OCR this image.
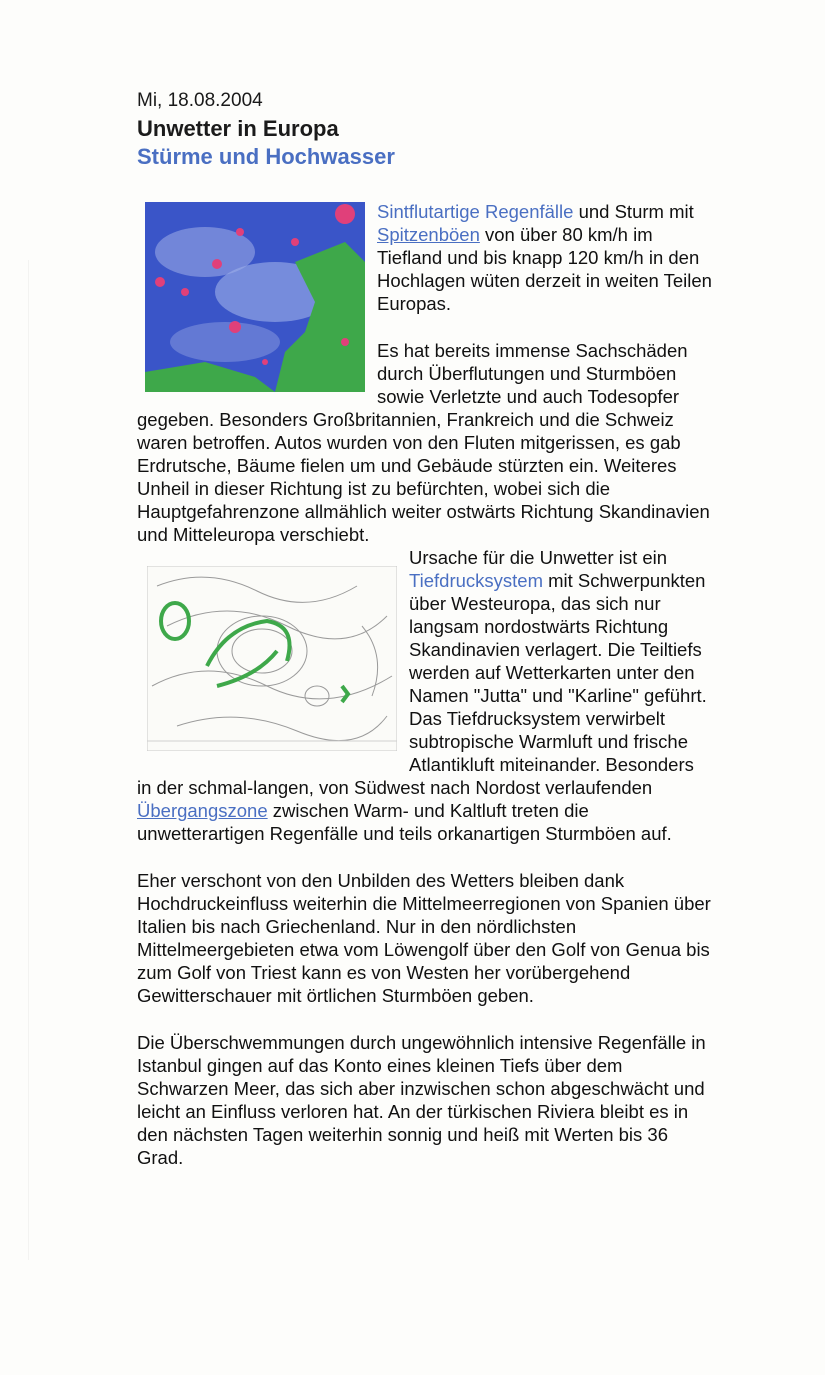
Mi, 18.08.2004
Unwetter in Europa
Stürme und Hochwasser

Sintflutartige Regenfälle und Sturm mit Spitzenböen von über 80 km/h im Tiefland und bis knapp 120 km/h in den Hochlagen wüten derzeit in weiten Teilen Europas.

Es hat bereits immense Sachschäden durch Überflutungen und Sturmböen sowie Verletzte und auch Todesopfer gegeben. Besonders Großbritannien, Frankreich und die Schweiz waren betroffen. Autos wurden von den Fluten mitgerissen, es gab Erdrutsche, Bäume fielen um und Gebäude stürzten ein. Weiteres Unheil in dieser Richtung ist zu befürchten, wobei sich die Hauptgefahrenzone allmählich weiter ostwärts Richtung Skandinavien und Mitteleuropa verschiebt.

Ursache für die Unwetter ist ein Tiefdrucksystem mit Schwerpunkten über Westeuropa, das sich nur langsam nordostwärts Richtung Skandinavien verlagert. Die Teiltiefs werden auf Wetterkarten unter den Namen "Jutta" und "Karline" geführt. Das Tiefdrucksystem verwirbelt subtropische Warmluft und frische Atlantikluft miteinander. Besonders in der schmal-langen, von Südwest nach Nordost verlaufenden Übergangszone zwischen Warm- und Kaltluft treten die unwetterartigen Regenfälle und teils orkanartigen Sturmböen auf.

Eher verschont von den Unbilden des Wetters bleiben dank Hochdruckeinfluss weiterhin die Mittelmeerregionen von Spanien über Italien bis nach Griechenland. Nur in den nördlichsten Mittelmeergebieten etwa vom Löwengolf über den Golf von Genua bis zum Golf von Triest kann es von Westen her vorübergehend Gewitterschauer mit örtlichen Sturmböen geben.

Die Überschwemmungen durch ungewöhnlich intensive Regenfälle in Istanbul gingen auf das Konto eines kleinen Tiefs über dem Schwarzen Meer, das sich aber inzwischen schon abgeschwächt und leicht an Einfluss verloren hat. An der türkischen Riviera bleibt es in den nächsten Tagen weiterhin sonnig und heiß mit Werten bis 36 Grad.
